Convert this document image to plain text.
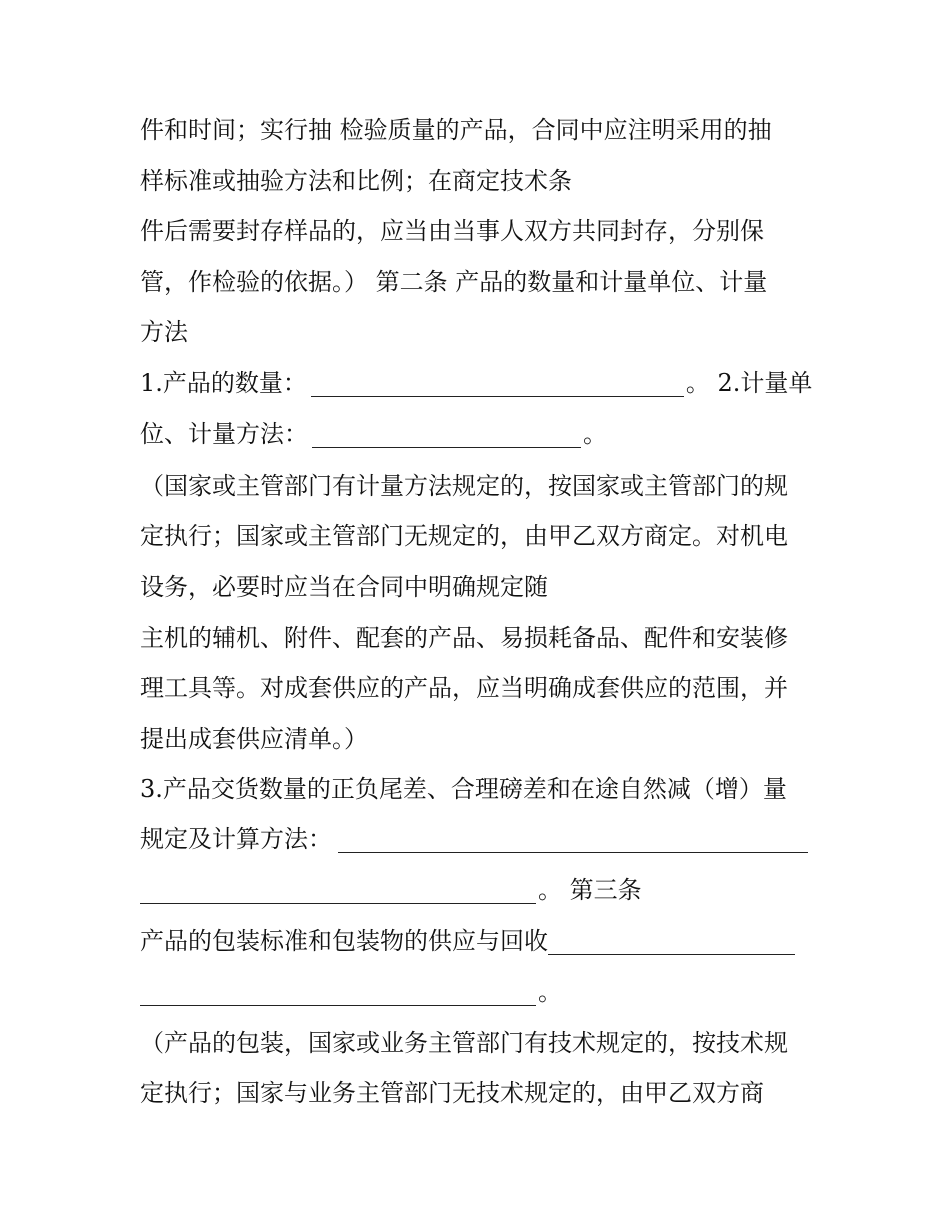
件和时间；实行抽 检验质量的产品，合同中应注明采用的抽
样标准或抽验方法和比例；在商定技术条
件后需要封存样品的，应当由当事人双方共同封存，分别保
管，作检验的依据。） 第二条 产品的数量和计量单位、计量
方法
1.产品的数量：	。 2.计量单
位、计量方法：	。
（国家或主管部门有计量方法规定的，按国家或主管部门的规
定执行；国家或主管部门无规定的，由甲乙双方商定。对机电
设务，必要时应当在合同中明确规定随
主机的辅机、附件、配套的产品、易损耗备品、配件和安装修
理工具等。对成套供应的产品，应当明确成套供应的范围，并
提出成套供应清单。）
3.产品交货数量的正负尾差、合理磅差和在途自然减（增）量
规定及计算方法：
。 第三条
产品的包装标准和包装物的供应与回收
。
（产品的包装，国家或业务主管部门有技术规定的，按技术规
定执行；国家与业务主管部门无技术规定的，由甲乙双方商
